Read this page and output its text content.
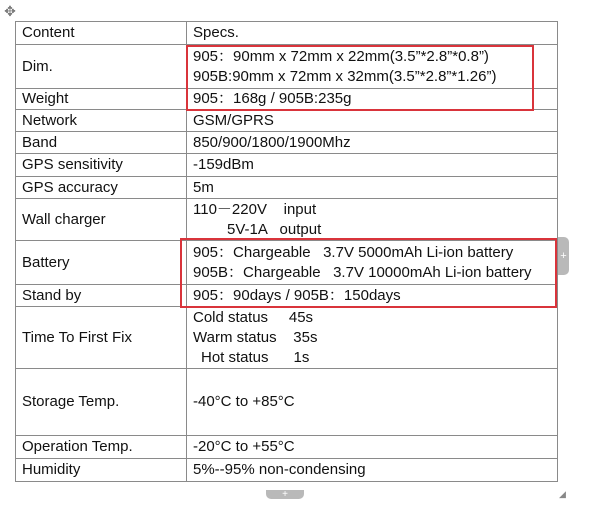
✥
Content	Specs.
Dim.	905：90mm x 72mm x 22mm(3.5”*2.8”*0.8”)
905B:90mm x 72mm x 32mm(3.5”*2.8”*1.26”)

Weight	905：168g / 905B:235g
Network	GSM/GPRS
Band	850/900/1800/1900Mhz
GPS sensitivity	-159dBm
GPS accuracy	5m
Wall charger	110－220V    input
5V-1A   output

Battery	905：Chargeable   3.7V 5000mAh Li-ion battery
905B：Chargeable   3.7V 10000mAh Li-ion battery

Stand by	905：90days / 905B：150days
Time To First Fix	Cold status     45s
Warm status    35s
Hot status      1s

Storage Temp.	-40°C to +85°C
Operation Temp.	-20°C to +55°C
Humidity	5%--95% non-condensing
+
+	◢
